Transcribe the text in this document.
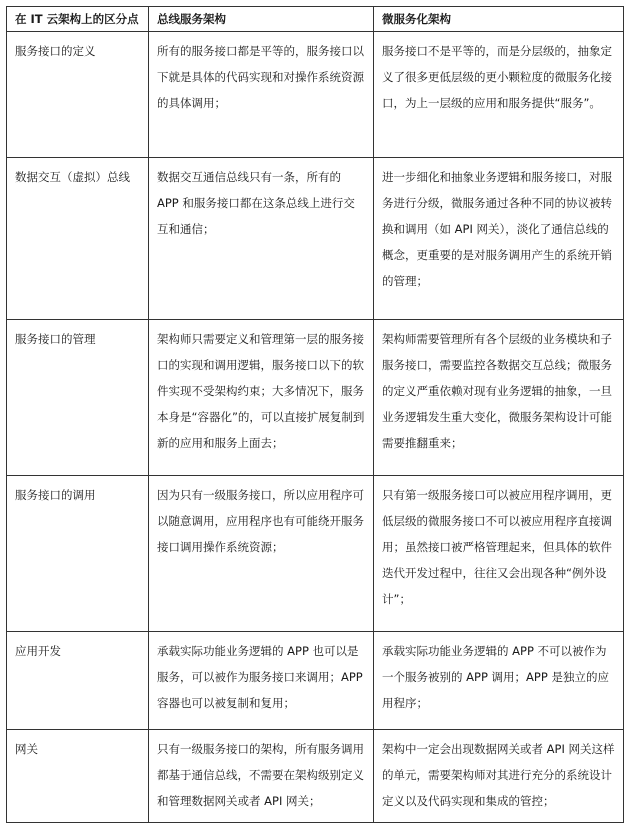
在 IT 云架构上的区分点	总线服务架构	微服务化架构
服务接口的定义	所有的服务接口都是平等的，服务接口以下就是具体的代码实现和对操作系统资源的具体调用；	服务接口不是平等的，而是分层级的，抽象定义了很多更低层级的更小颗粒度的微服务化接口，为上一层级的应用和服务提供“服务”。
数据交互（虚拟）总线	数据交互通信总线只有一条，所有的 APP 和服务接口都在这条总线上进行交互和通信；	进一步细化和抽象业务逻辑和服务接口，对服务进行分级，微服务通过各种不同的协议被转换和调用（如 API 网关），淡化了通信总线的概念，更重要的是对服务调用产生的系统开销的管理；
服务接口的管理	架构师只需要定义和管理第一层的服务接口的实现和调用逻辑，服务接口以下的软件实现不受架构约束；大多情况下，服务本身是“容器化”的，可以直接扩展复制到新的应用和服务上面去；	架构师需要管理所有各个层级的业务模块和子服务接口，需要监控各数据交互总线；微服务的定义严重依赖对现有业务逻辑的抽象，一旦业务逻辑发生重大变化，微服务架构设计可能需要推翻重来；
服务接口的调用	因为只有一级服务接口，所以应用程序可以随意调用，应用程序也有可能绕开服务接口调用操作系统资源；	只有第一级服务接口可以被应用程序调用，更低层级的微服务接口不可以被应用程序直接调用；虽然接口被严格管理起来，但具体的软件迭代开发过程中，往往又会出现各种“例外设计”；
应用开发	承载实际功能业务逻辑的 APP 也可以是服务，可以被作为服务接口来调用；APP 容器也可以被复制和复用；	承载实际功能业务逻辑的 APP 不可以被作为一个服务被别的 APP 调用；APP 是独立的应用程序；
网关	只有一级服务接口的架构，所有服务调用都基于通信总线，不需要在架构级别定义和管理数据网关或者 API 网关；	架构中一定会出现数据网关或者 API 网关这样的单元，需要架构师对其进行充分的系统设计定义以及代码实现和集成的管控；
